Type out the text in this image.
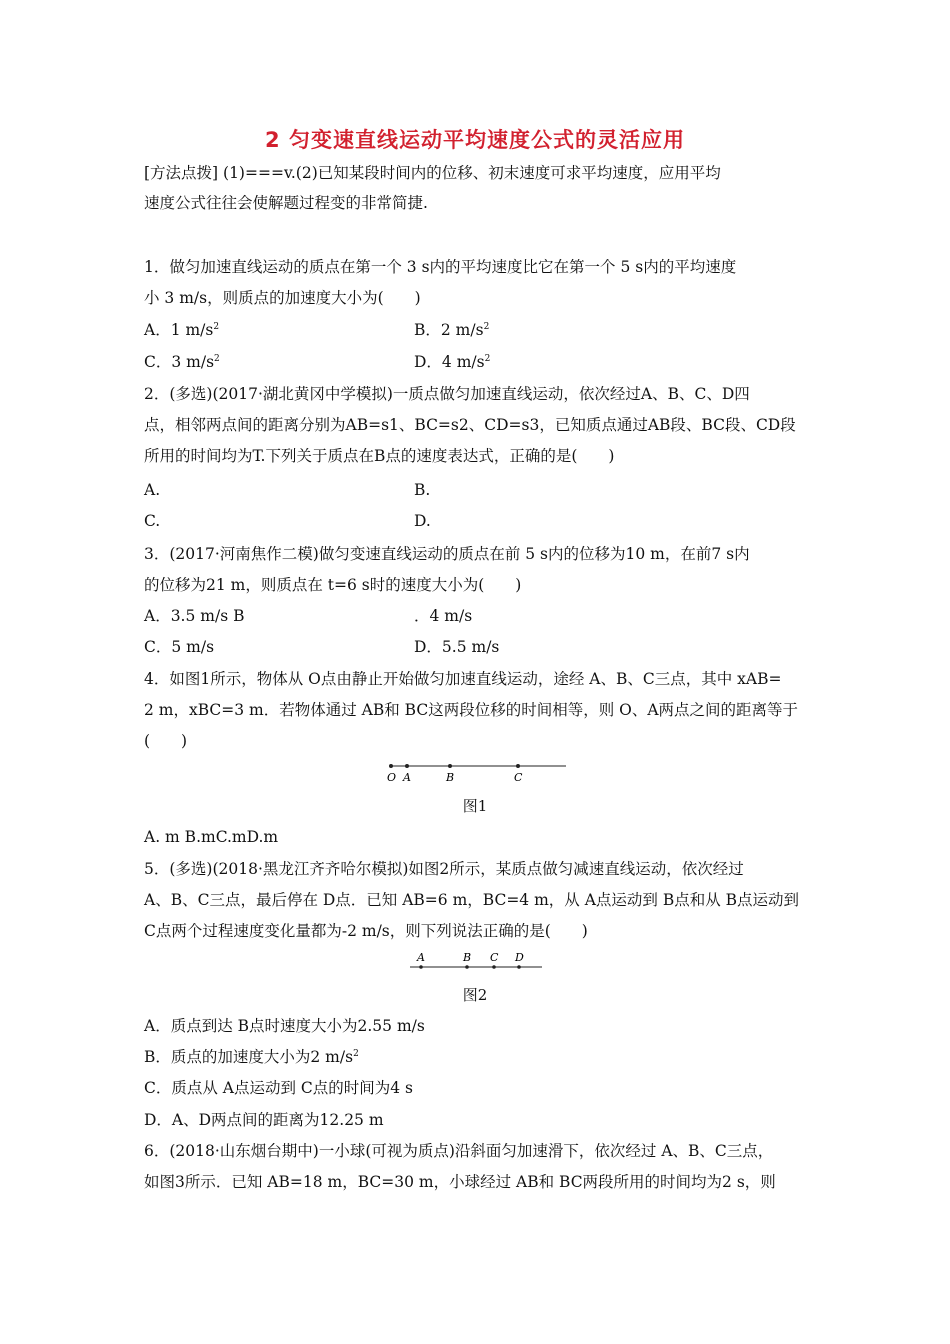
2 匀变速直线运动平均速度公式的灵活应用
[方法点拨] (1)===v.(2)已知某段时间内的位移、初末速度可求平均速度，应用平均
速度公式往往会使解题过程变的非常简捷.
1．做匀加速直线运动的质点在第一个 3 s内的平均速度比它在第一个 5 s内的平均速度
小 3 m/s，则质点的加速度大小为(　　)
A．1 $m/s^2$	B．2 $m/s^2$
C．3 $m/s^2$	D．4 $m/s^2$
2．(多选)(2017·湖北黄冈中学模拟)一质点做匀加速直线运动，依次经过A、B、C、D四
点，相邻两点间的距离分别为AB=s1、BC=s2、CD=s3，已知质点通过AB段、BC段、CD段
所用的时间均为T.下列关于质点在B点的速度表达式，正确的是(　　)
A.	B.
C.	D.
3．(2017·河南焦作二模)做匀变速直线运动的质点在前 5 s内的位移为10 m，在前7 s内
的位移为21 m，则质点在 t=6 s时的速度大小为(　　)
A．3.5 m/s B	．4 m/s
C．5 m/s	D．5.5 m/s
4．如图1所示，物体从 O点由静止开始做匀加速直线运动，途经 A、B、C三点，其中 xAB=
2 m，xBC=3 m．若物体通过 AB和 BC这两段位移的时间相等，则 O、A两点之间的距离等于
(　　)
O A	B	C
图1
A. m B.mC.mD.m
5．(多选)(2018·黑龙江齐齐哈尔模拟)如图2所示，某质点做匀减速直线运动，依次经过
A、B、C三点，最后停在 D点．已知 AB=6 m，BC=4 m，从 A点运动到 B点和从 B点运动到
C点两个过程速度变化量都为-2 m/s，则下列说法正确的是(　　)
A	B C D
图2
A．质点到达 B点时速度大小为2.55 m/s
B．质点的加速度大小为2 $m/s^2$
C．质点从 A点运动到 C点的时间为4 s
D．A、D两点间的距离为12.25 m
6．(2018·山东烟台期中)一小球(可视为质点)沿斜面匀加速滑下，依次经过 A、B、C三点，
如图3所示．已知 AB=18 m，BC=30 m，小球经过 AB和 BC两段所用的时间均为2 s，则
